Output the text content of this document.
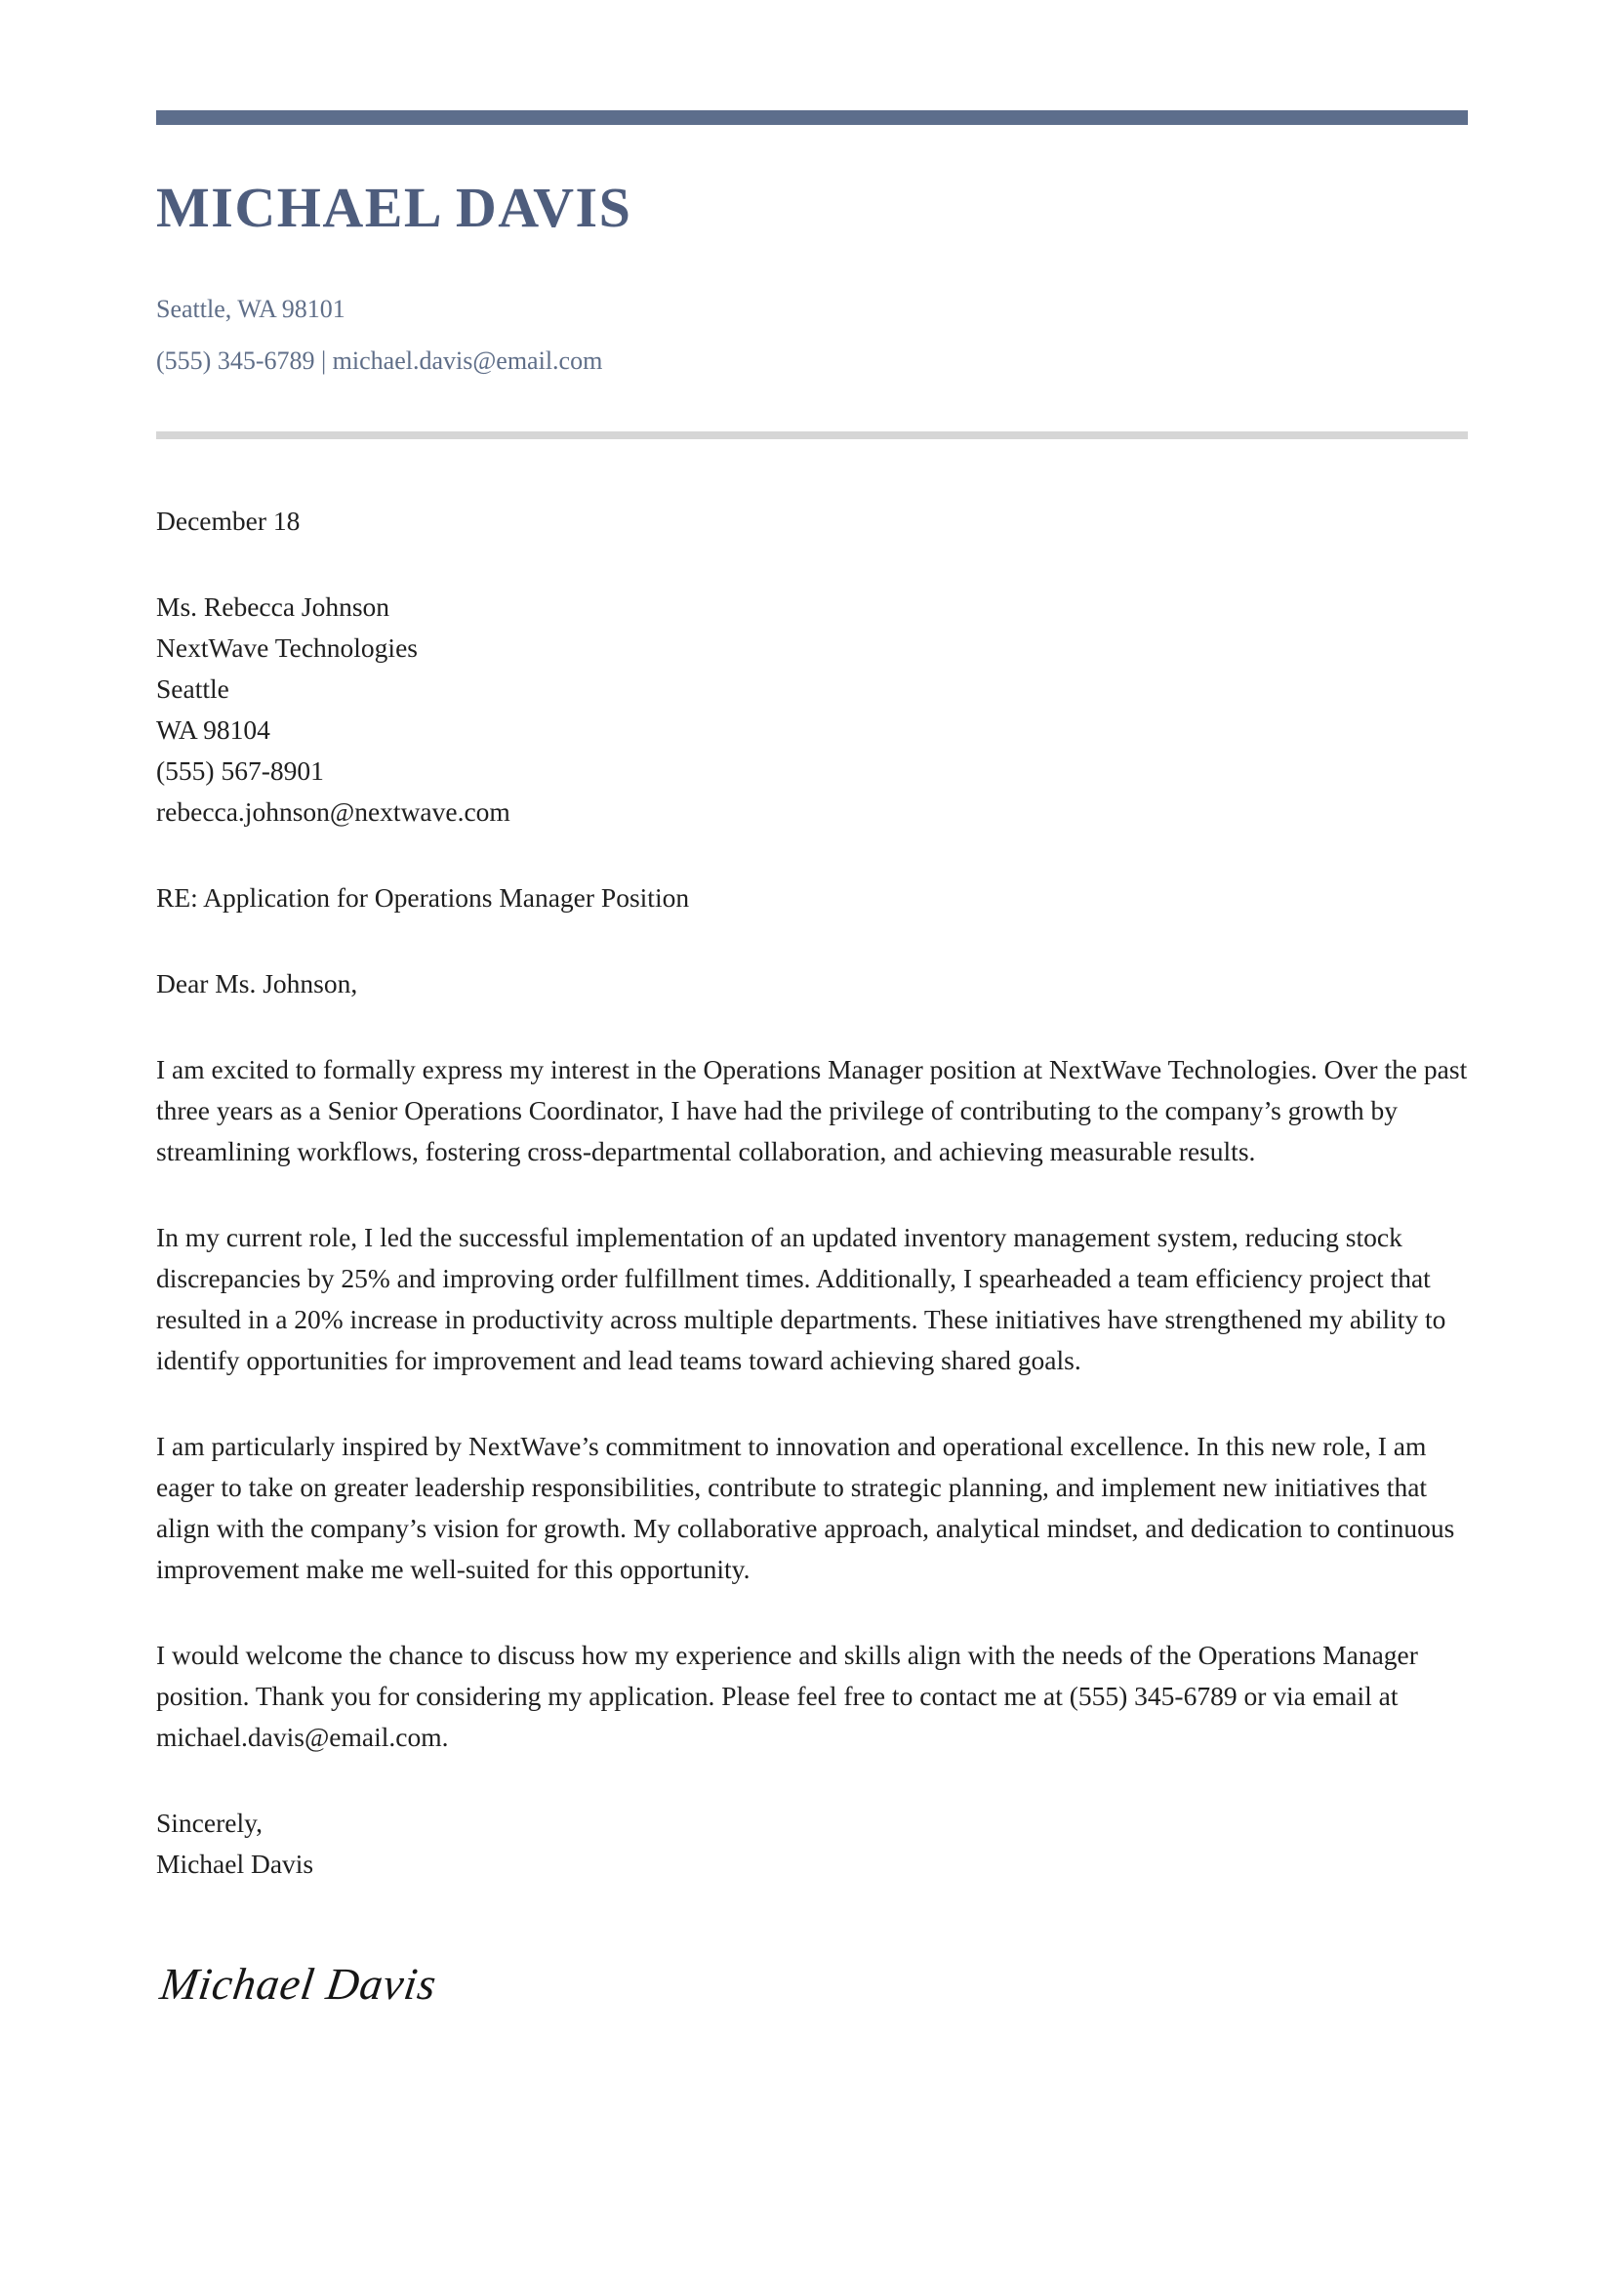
MICHAEL DAVIS
Seattle, WA 98101
(555) 345-6789 | michael.davis@email.com
December 18
Ms. Rebecca Johnson
NextWave Technologies
Seattle
WA 98104
(555) 567-8901
rebecca.johnson@nextwave.com
RE: Application for Operations Manager Position
Dear Ms. Johnson,

I am excited to formally express my interest in the Operations Manager position at NextWave Technologies. Over the past three years as a Senior Operations Coordinator, I have had the privilege of contributing to the company’s growth by streamlining workflows, fostering cross-departmental collaboration, and achieving measurable results.

In my current role, I led the successful implementation of an updated inventory management system, reducing stock discrepancies by 25% and improving order fulfillment times. Additionally, I spearheaded a team efficiency project that resulted in a 20% increase in productivity across multiple departments. These initiatives have strengthened my ability to identify opportunities for improvement and lead teams toward achieving shared goals.

I am particularly inspired by NextWave’s commitment to innovation and operational excellence. In this new role, I am eager to take on greater leadership responsibilities, contribute to strategic planning, and implement new initiatives that align with the company’s vision for growth. My collaborative approach, analytical mindset, and dedication to continuous improvement make me well-suited for this opportunity.

I would welcome the chance to discuss how my experience and skills align with the needs of the Operations Manager position. Thank you for considering my application. Please feel free to contact me at (555) 345-6789 or via email at michael.davis@email.com.

Sincerely,
Michael Davis
Michael Davis
